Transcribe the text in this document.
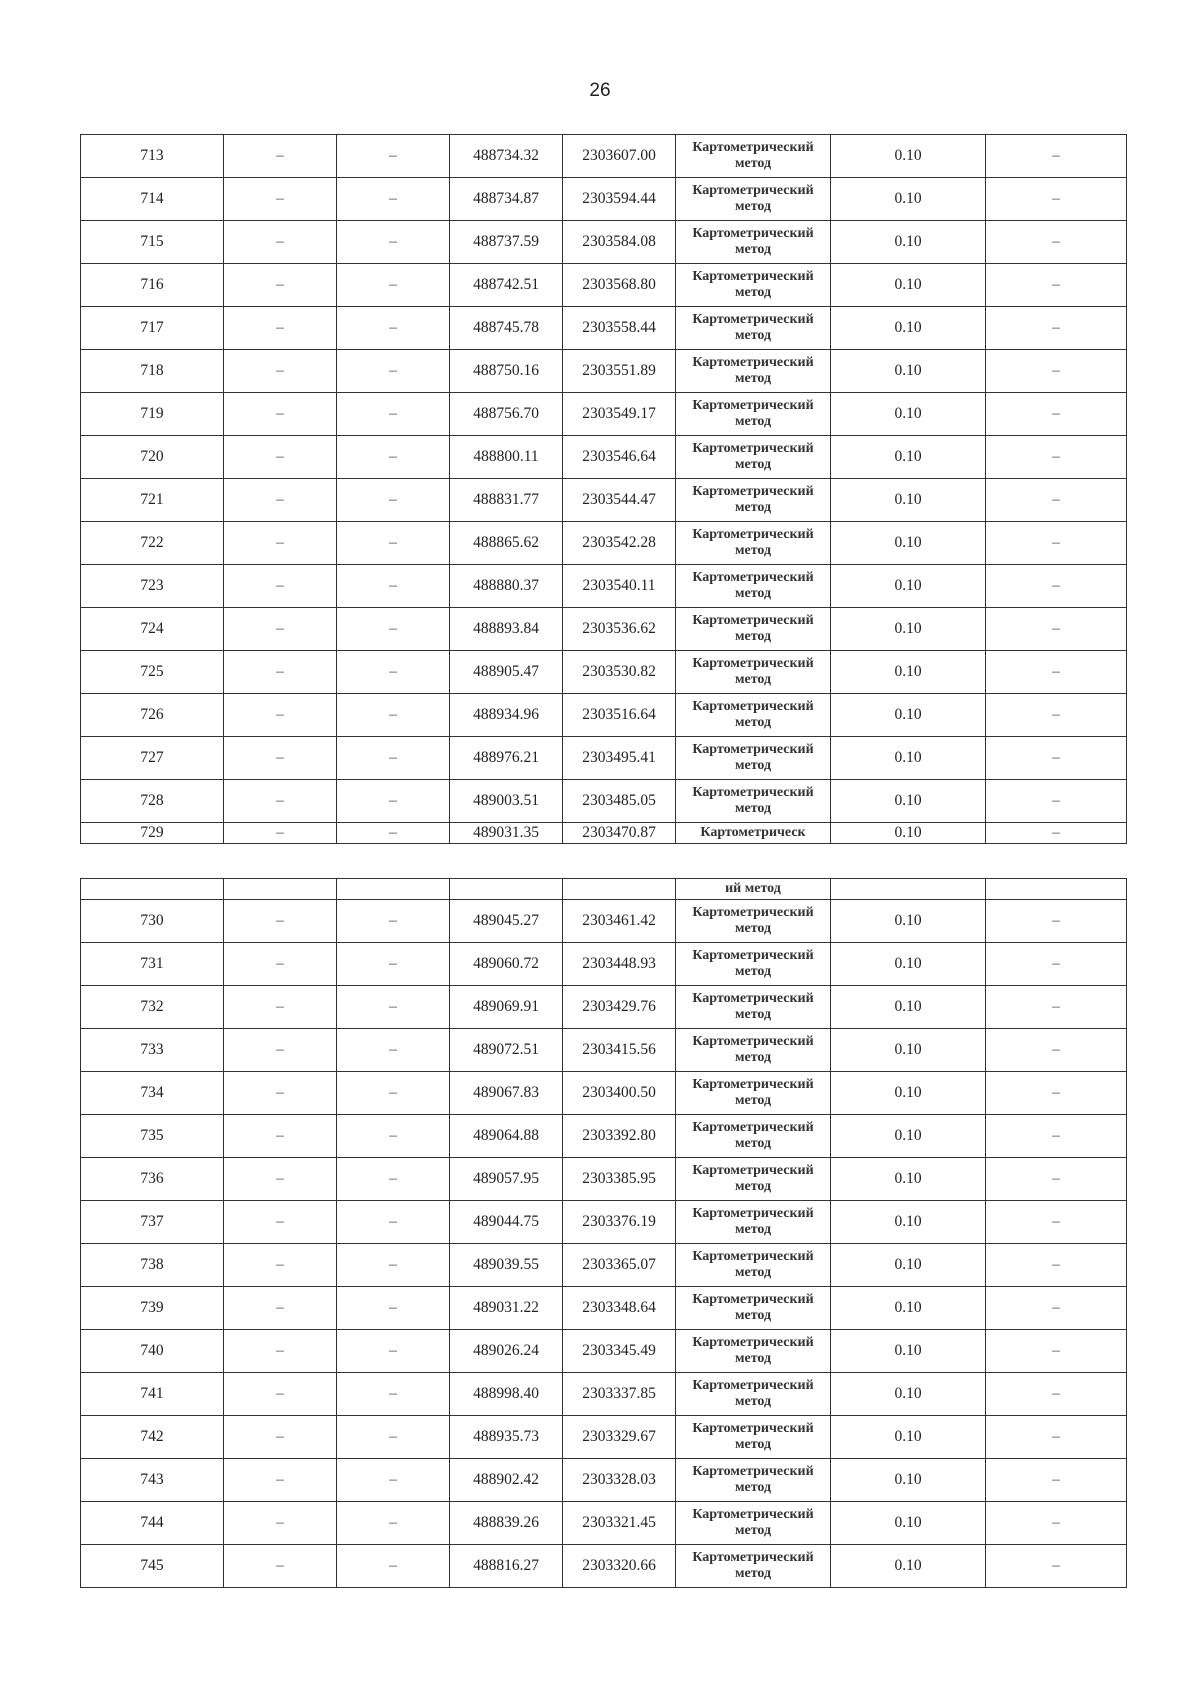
26
713	–	–	488734.32	2303607.00	Картометрический метод	0.10	–
714	–	–	488734.87	2303594.44	Картометрический метод	0.10	–
715	–	–	488737.59	2303584.08	Картометрический метод	0.10	–
716	–	–	488742.51	2303568.80	Картометрический метод	0.10	–
717	–	–	488745.78	2303558.44	Картометрический метод	0.10	–
718	–	–	488750.16	2303551.89	Картометрический метод	0.10	–
719	–	–	488756.70	2303549.17	Картометрический метод	0.10	–
720	–	–	488800.11	2303546.64	Картометрический метод	0.10	–
721	–	–	488831.77	2303544.47	Картометрический метод	0.10	–
722	–	–	488865.62	2303542.28	Картометрический метод	0.10	–
723	–	–	488880.37	2303540.11	Картометрический метод	0.10	–
724	–	–	488893.84	2303536.62	Картометрический метод	0.10	–
725	–	–	488905.47	2303530.82	Картометрический метод	0.10	–
726	–	–	488934.96	2303516.64	Картометрический метод	0.10	–
727	–	–	488976.21	2303495.41	Картометрический метод	0.10	–
728	–	–	489003.51	2303485.05	Картометрический метод	0.10	–
729	–	–	489031.35	2303470.87	Картометрическ	0.10	–
					ий метод		
730	–	–	489045.27	2303461.42	Картометрический метод	0.10	–
731	–	–	489060.72	2303448.93	Картометрический метод	0.10	–
732	–	–	489069.91	2303429.76	Картометрический метод	0.10	–
733	–	–	489072.51	2303415.56	Картометрический метод	0.10	–
734	–	–	489067.83	2303400.50	Картометрический метод	0.10	–
735	–	–	489064.88	2303392.80	Картометрический метод	0.10	–
736	–	–	489057.95	2303385.95	Картометрический метод	0.10	–
737	–	–	489044.75	2303376.19	Картометрический метод	0.10	–
738	–	–	489039.55	2303365.07	Картометрический метод	0.10	–
739	–	–	489031.22	2303348.64	Картометрический метод	0.10	–
740	–	–	489026.24	2303345.49	Картометрический метод	0.10	–
741	–	–	488998.40	2303337.85	Картометрический метод	0.10	–
742	–	–	488935.73	2303329.67	Картометрический метод	0.10	–
743	–	–	488902.42	2303328.03	Картометрический метод	0.10	–
744	–	–	488839.26	2303321.45	Картометрический метод	0.10	–
745	–	–	488816.27	2303320.66	Картометрический метод	0.10	–
